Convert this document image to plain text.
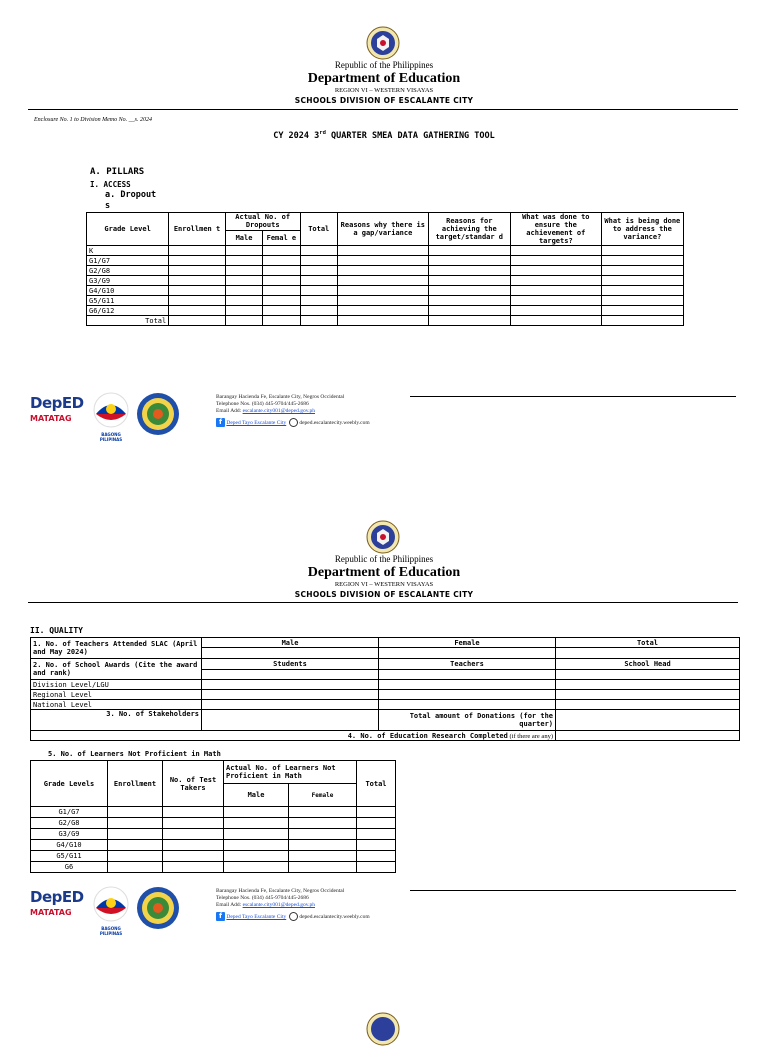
Republic of the Philippines
Department of Education
REGION VI – WESTERN VISAYAS
SCHOOLS DIVISION OF ESCALANTE CITY
Enclosure No. 1 to Division Memo No. __s. 2024
CY 2024 3rd QUARTER SMEA DATA GATHERING TOOL
A. PILLARS
I. ACCESS
a. Dropout s
Grade Level	Enrollmen t	Actual No. of Dropouts		Total	Reasons why there is a gap/variance	Reasons for achieving the target/standar d	What was done to ensure the achievement of targets?	What is being done to address the variance?
		Male	Femal e					
K								
G1/G7								
G2/G8								
G3/G9								
G4/G10								
G5/G11								
G6/G12								
Total								
DepED
MATATAG
BAGONG PILIPINAS
Barangay Hacienda Fe, Escalante City, Negros Occidental
Telephone Nos. (034) 445-9704/445-2686
Email Add: escalante.city001@deped.gov.ph
f Deped Tayo Escalante City deped.escalantecity.weebly.com
Republic of the Philippines
Department of Education
REGION VI – WESTERN VISAYAS
SCHOOLS DIVISION OF ESCALANTE CITY
II. QUALITY
1. No. of Teachers Attended SLAC (April and May 2024)	Male	Female	Total

2. No. of School Awards (Cite the award and rank)	Students	Teachers	School Head

Division Level/LGU			
Regional Level			
National Level			
3. No. of Stakeholders		Total amount of Donations (for the quarter)	
4. No. of Education Research Completed (if there are any)			
5. No. of Learners Not Proficient in Math
Grade Levels	Enrollment	No. of Test Takers	Actual No. of Learners Not Proficient in Math		Total
			Male	Female	
G1/G7					
G2/G8					
G3/G9					
G4/G10					
G5/G11					
G6					
DepED
MATATAG
BAGONG PILIPINAS
Barangay Hacienda Fe, Escalante City, Negros Occidental
Telephone Nos. (034) 445-9704/445-2686
Email Add: escalante.city001@deped.gov.ph
f Deped Tayo Escalante City deped.escalantecity.weebly.com
